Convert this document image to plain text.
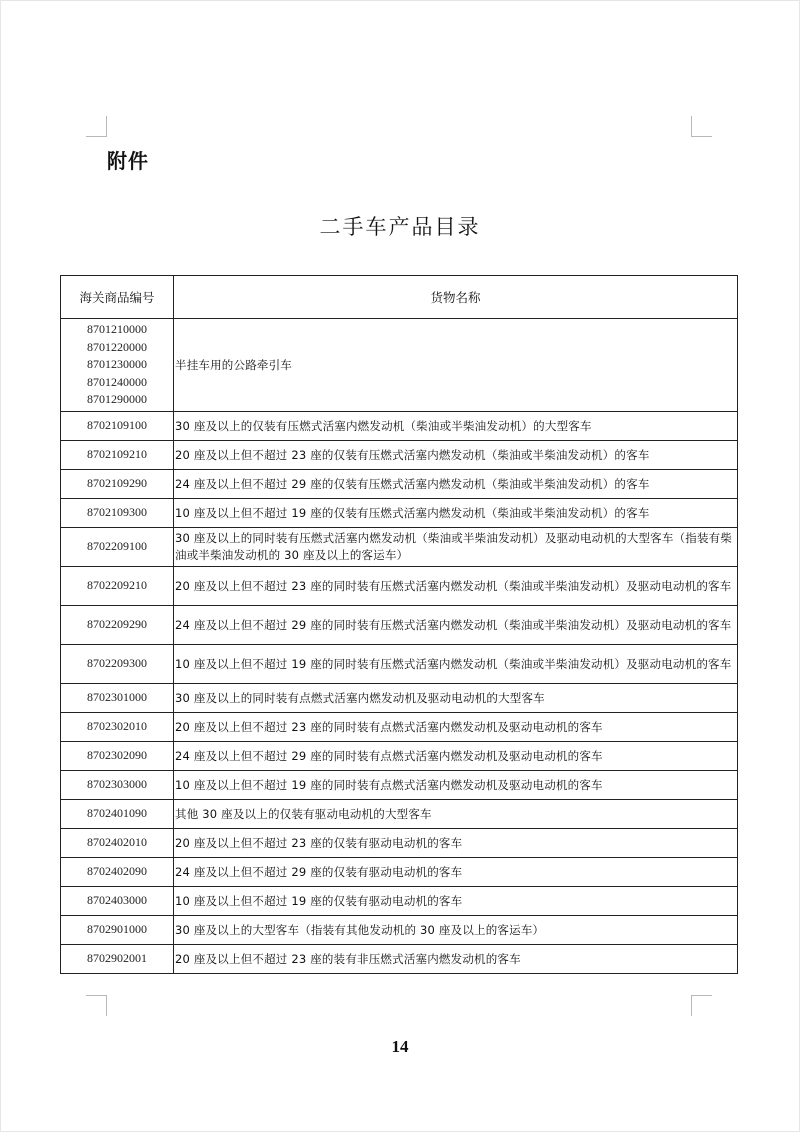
附件
二手车产品目录
海关商品编号	货物名称

8701210000
8701220000
8701230000
8701240000
8701290000	半挂车用的公路牵引车

8702109100	30 座及以上的仅装有压燃式活塞内燃发动机（柴油或半柴油发动机）的大型客车

8702109210	20 座及以上但不超过 23 座的仅装有压燃式活塞内燃发动机（柴油或半柴油发动机）的客车

8702109290	24 座及以上但不超过 29 座的仅装有压燃式活塞内燃发动机（柴油或半柴油发动机）的客车

8702109300	10 座及以上但不超过 19 座的仅装有压燃式活塞内燃发动机（柴油或半柴油发动机）的客车

8702209100	30 座及以上的同时装有压燃式活塞内燃发动机（柴油或半柴油发动机）及驱动电动机的大型客车（指装有柴油或半柴油发动机的 30 座及以上的客运车）

8702209210	20 座及以上但不超过 23 座的同时装有压燃式活塞内燃发动机（柴油或半柴油发动机）及驱动电动机的客车

8702209290	24 座及以上但不超过 29 座的同时装有压燃式活塞内燃发动机（柴油或半柴油发动机）及驱动电动机的客车

8702209300	10 座及以上但不超过 19 座的同时装有压燃式活塞内燃发动机（柴油或半柴油发动机）及驱动电动机的客车

8702301000	30 座及以上的同时装有点燃式活塞内燃发动机及驱动电动机的大型客车

8702302010	20 座及以上但不超过 23 座的同时装有点燃式活塞内燃发动机及驱动电动机的客车

8702302090	24 座及以上但不超过 29 座的同时装有点燃式活塞内燃发动机及驱动电动机的客车

8702303000	10 座及以上但不超过 19 座的同时装有点燃式活塞内燃发动机及驱动电动机的客车

8702401090	其他 30 座及以上的仅装有驱动电动机的大型客车

8702402010	20 座及以上但不超过 23 座的仅装有驱动电动机的客车

8702402090	24 座及以上但不超过 29 座的仅装有驱动电动机的客车

8702403000	10 座及以上但不超过 19 座的仅装有驱动电动机的客车

8702901000	30 座及以上的大型客车（指装有其他发动机的 30 座及以上的客运车）

8702902001	20 座及以上但不超过 23 座的装有非压燃式活塞内燃发动机的客车
14
